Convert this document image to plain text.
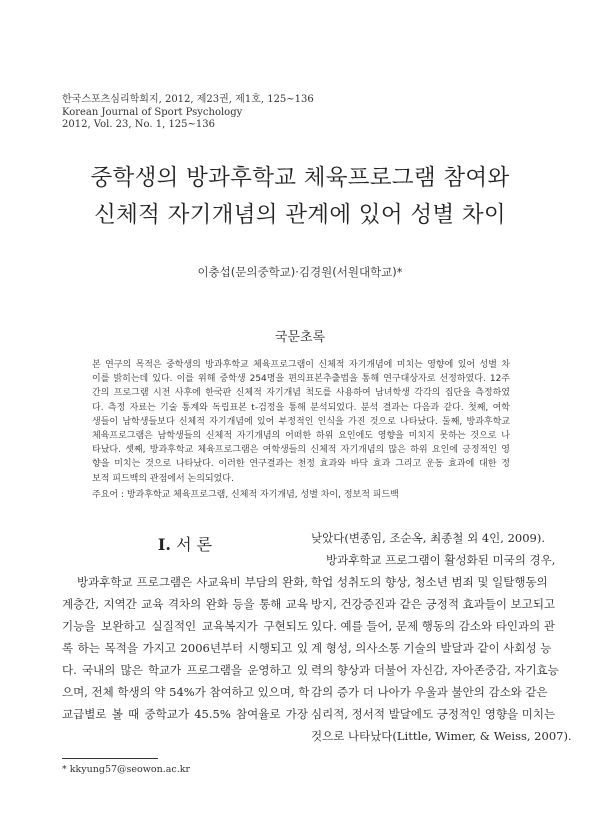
한국스포츠심리학회지, 2012, 제23권, 제1호, 125~136
Korean Journal of Sport Psychology
2012, Vol. 23, No. 1, 125~136
중학생의 방과후학교 체육프로그램 참여와
신체적 자기개념의 관계에 있어 성별 차이
이충섭(문의중학교)·김경원(서원대학교)*
국문초록
본 연구의 목적은 중학생의 방과후학교 체육프로그램이 신체적 자기개념에 미치는 영향에 있어 성별 차
이를 밝히는데 있다. 이를 위해 중학생 254명을 편의표본추출법을 통해 연구대상자로 선정하였다. 12주
간의 프로그램 시전 사후에 한국판 신체적 자기개념 척도를 사용하여 남녀학생 각각의 집단을 측정하였
다. 측정 자료는 기술 통계와 독립표본 t-검정을 통해 분석되었다. 분석 결과는 다음과 같다. 첫째, 여학
생들이 남학생들보다 신체적 자기개념에 있어 부정적인 인식을 가진 것으로 나타났다. 둘째, 방과후학교
체육프로그램은 남학생들의 신체적 자기개념의 어떠한 하위 요인에도 영향을 미치지 못하는 것으로 나
타났다. 셋째, 방과후학교 체육프로그램은 여학생들의 신체적 자기개념의 많은 하위 요인에 긍정적인 영
향을 미치는 것으로 나타났다. 이러한 연구결과는 천정 효과와 바닥 효과 그리고 운동 효과에 대한 정
보적 피드백의 관점에서 논의되었다.
주요어 : 방과후학교 체육프로그램, 신체적 자기개념, 성별 차이, 정보적 피드백
I. 서 론

방과후학교 프로그램은 사교육비 부담의 완화,
계층간, 지역간 교육 격차의 완화 등을 통해 교육
기능을 보완하고 실질적인 교육복지가 구현되도
록 하는 목적을 가지고 2006년부터 시행되고 있
다. 국내의 많은 학교가 프로그램을 운영하고 있
으며, 전체 학생의 약 54%가 참여하고 있으며, 학
교급별로 볼 때 중학교가 45.5% 참여율로 가장

낮았다(변종임, 조순옥, 최종철 외 4인, 2009).

방과후학교 프로그램이 활성화된 미국의 경우,
학업 성취도의 향상, 청소년 범죄 및 일탈행동의
방지, 건강증진과 같은 긍정적 효과들이 보고되고
있다. 예를 들어, 문제 행동의 감소와 타인과의 관
계 형성, 의사소통 기술의 발달과 같이 사회성 능
력의 향상과 더불어 자신감, 자아존중감, 자기효능
감의 증가 더 나아가 우울과 불안의 감소와 같은
심리적, 정서적 발달에도 긍정적인 영향을 미치는
것으로 나타났다(Little, Wimer, & Weiss, 2007).

* kkyung57@seowon.ac.kr
